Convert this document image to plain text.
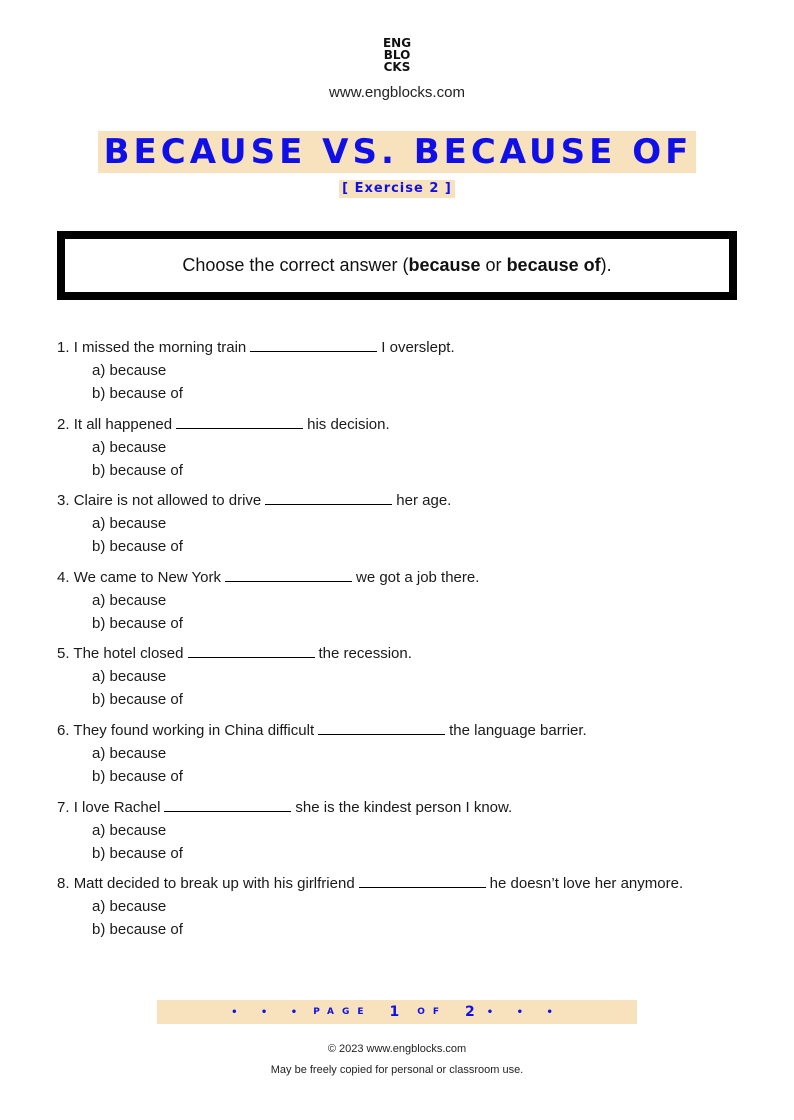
ENG
BLO
CKS
www.engblocks.com
BECAUSE VS. BECAUSE OF
[ Exercise 2 ]
Choose the correct answer (because or because of).
1. I missed the morning train	I overslept.
a) because
b) because of
2. It all happened	his decision.
a) because
b) because of
3. Claire is not allowed to drive	her age.
a) because
b) because of
4. We came to New York	we got a job there.
a) because
b) because of
5. The hotel closed	the recession.
a) because
b) because of
6. They found working in China difficult	the language barrier.
a) because
b) because of
7. I love Rachel	she is the kindest person I know.
a) because
b) because of
8. Matt decided to break up with his girlfriend	he doesn’t love her anymore.
a) because
b) because of
• • • PAGE 1 OF 2 • • •
© 2023 www.engblocks.com
May be freely copied for personal or classroom use.
